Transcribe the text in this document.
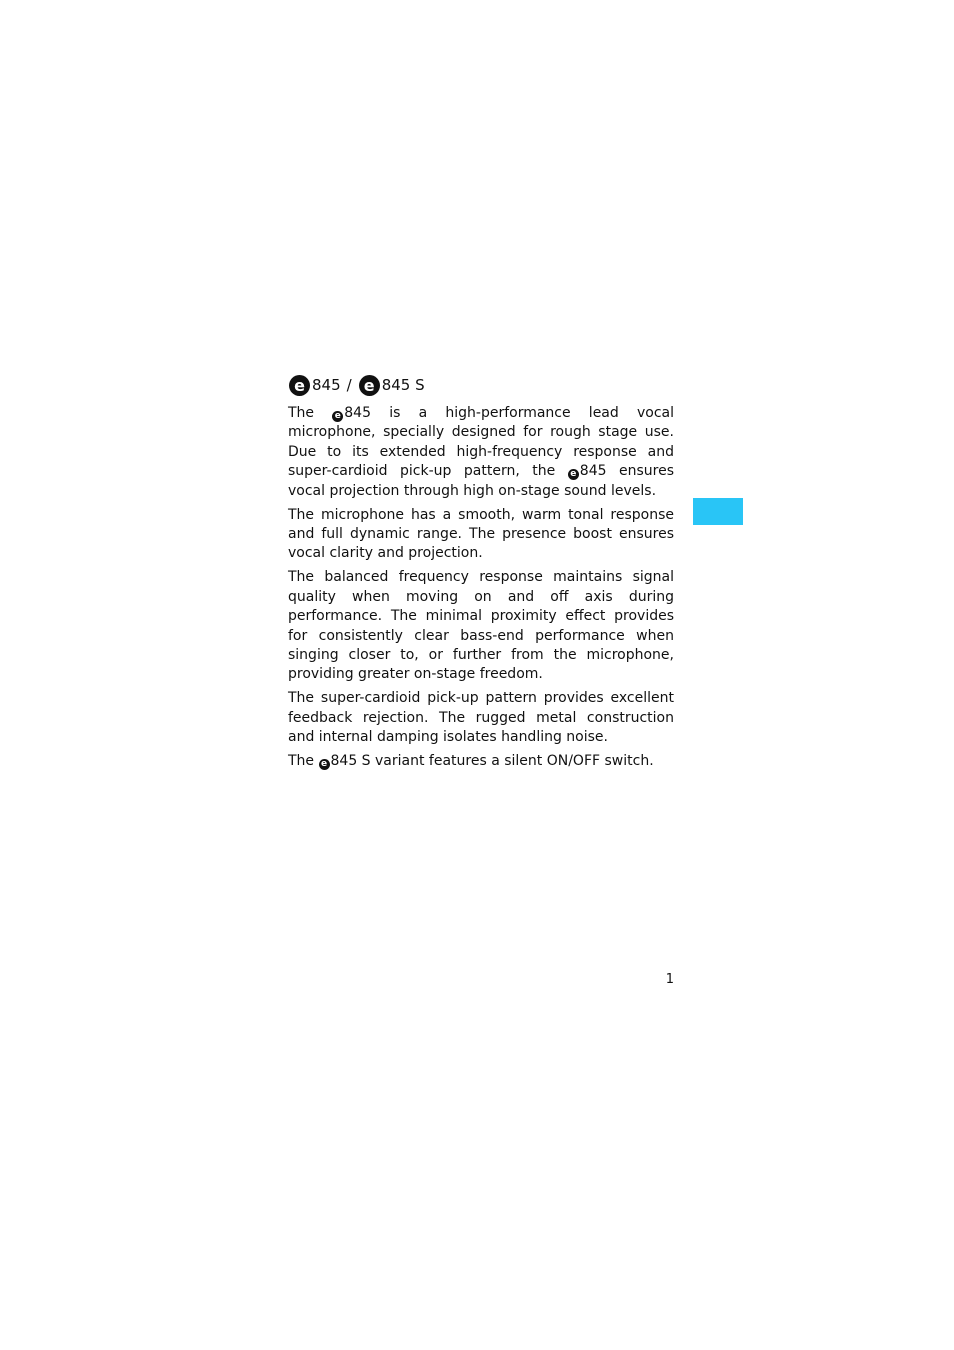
e 845 / e 845 S

The e 845 is a high-performance lead vocal microphone, specially designed for rough stage use. Due to its extended high-frequency response and super-cardioid pick-up pattern, the e 845 ensures vocal projection through high on-stage sound levels.

The microphone has a smooth, warm tonal response and full dynamic range. The presence boost ensures vocal clarity and projection.

The balanced frequency response maintains signal quality when moving on and off axis during performance. The minimal proximity effect provides for consistently clear bass-end performance when singing closer to, or further from the microphone, providing greater on-stage freedom.

The super-cardioid pick-up pattern provides excellent feedback rejection. The rugged metal construction and internal damping isolates handling noise.

The e 845 S variant features a silent ON/OFF switch.

1
